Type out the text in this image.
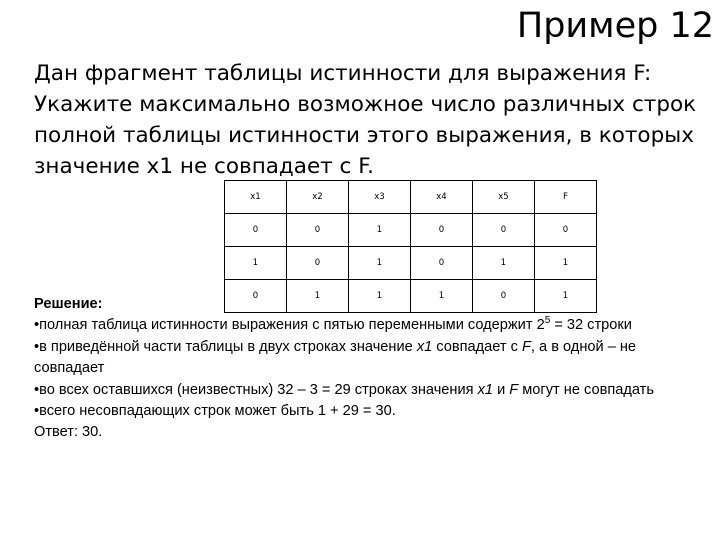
Пример 12

Дан фрагмент таблицы истинности для выражения F:

Укажите максимально возможное число различных строк полной таблицы истинности этого выражения, в которых значение x1 не совпадает с F.

x1	x2	x3	x4	x5	F
0	0	1	0	0	0
1	0	1	0	1	1
0	1	1	1	0	1

Решение:

•полная таблица истинности выражения с пятью переменными содержит $2^5 = 32$ строки

•в приведённой части таблицы в двух строках значение x1 совпадает с F, а в одной – не совпадает

•во всех оставшихся (неизвестных) 32 – 3 = 29 строках значения x1 и F могут не совпадать

•всего несовпадающих строк может быть 1 + 29 = 30.

Ответ: 30.
